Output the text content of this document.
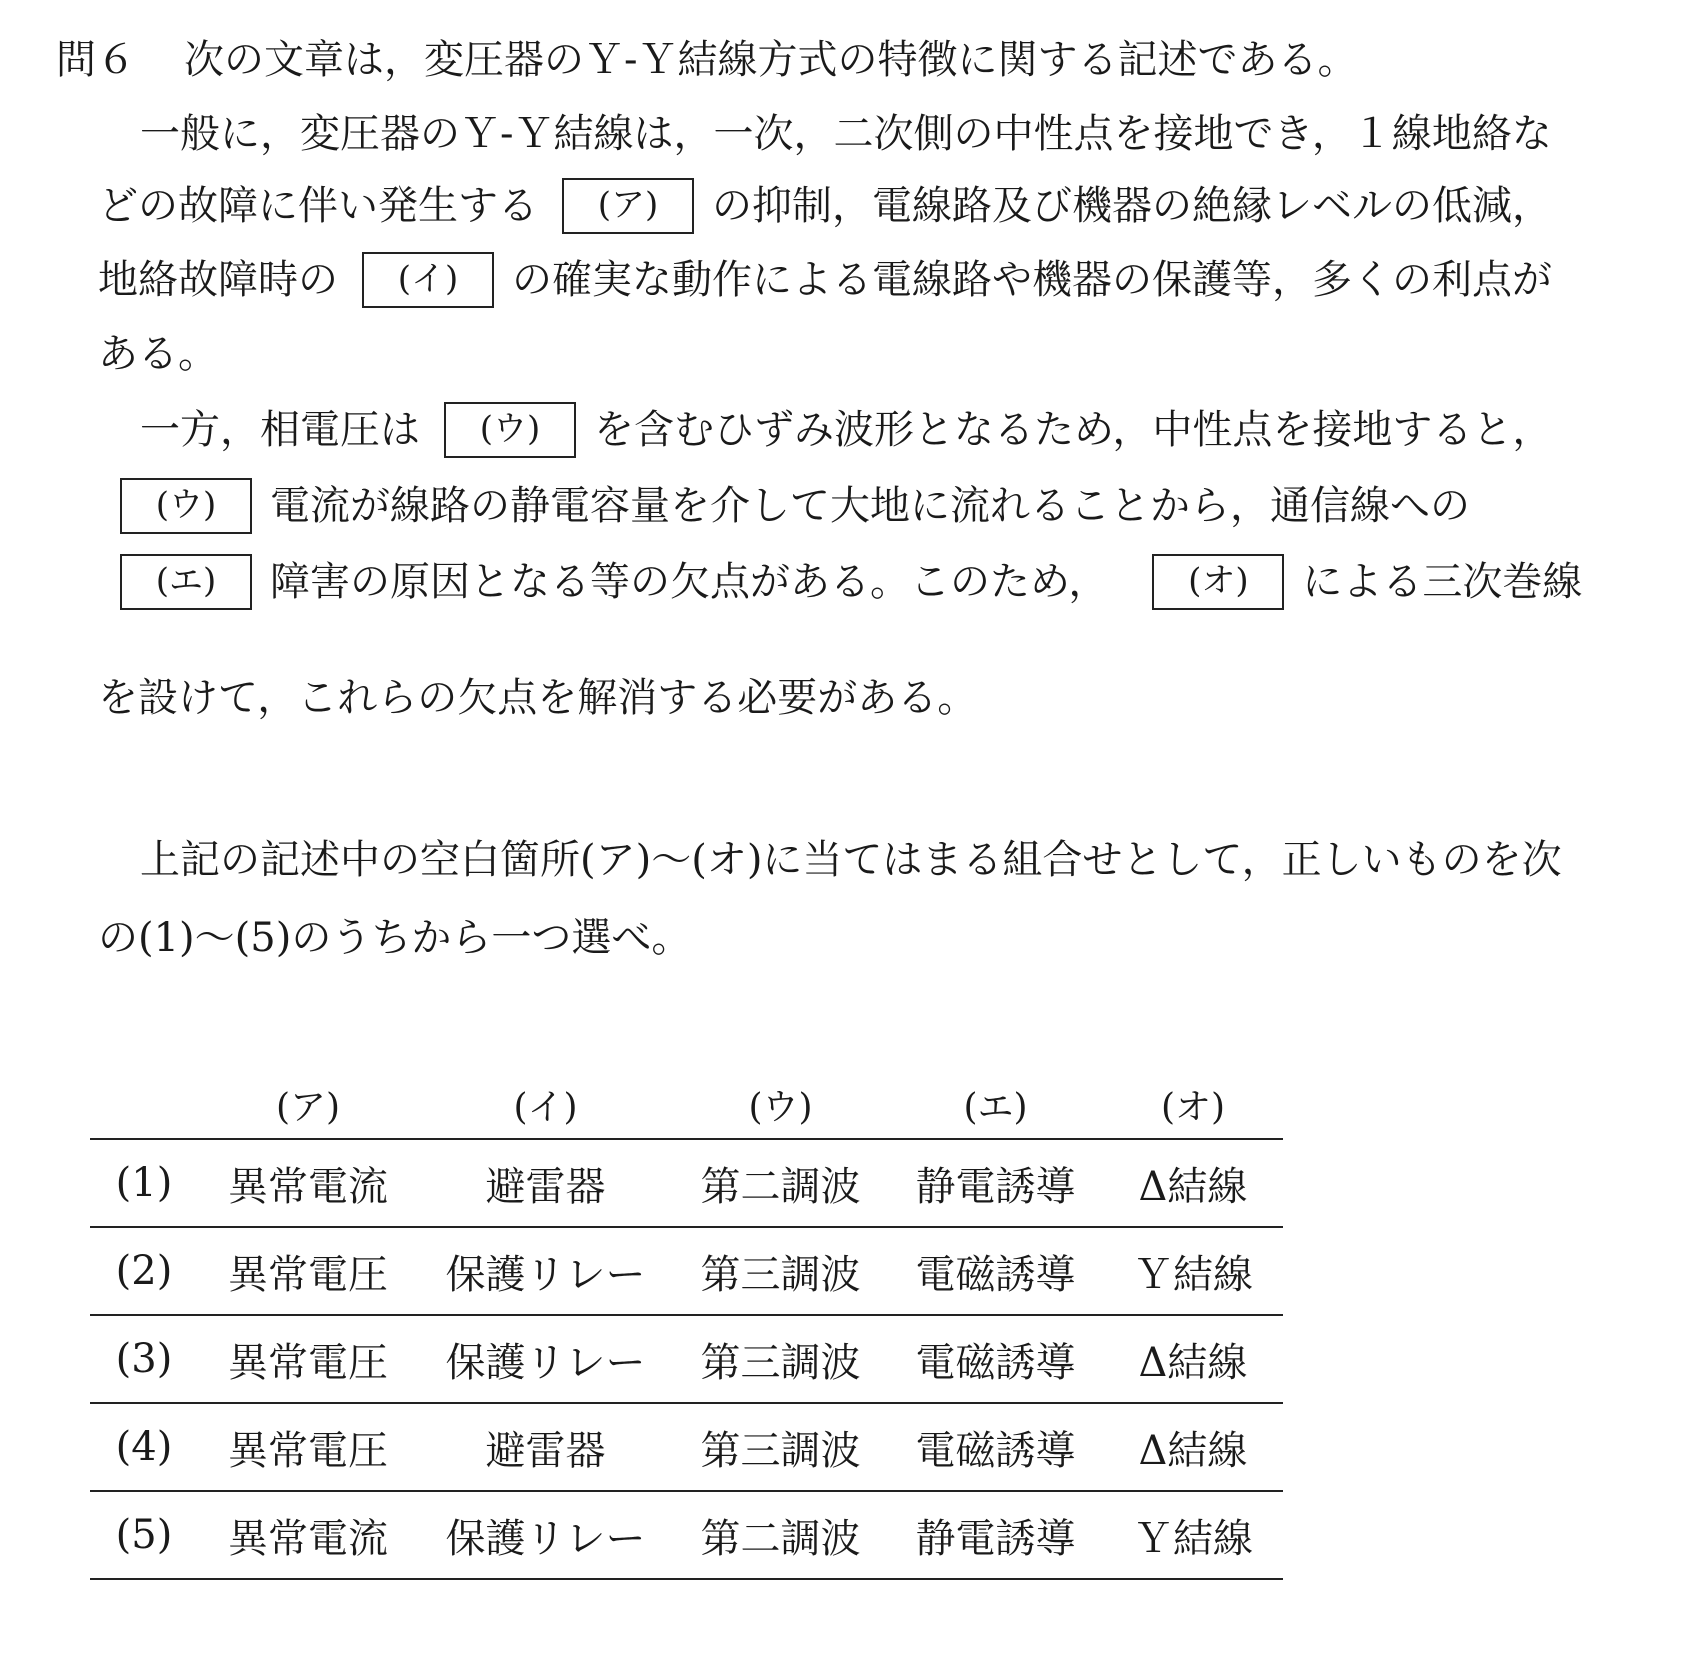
問６ 次の文章は，変圧器のＹ-Ｙ結線方式の特徴に関する記述である。
一般に，変圧器のＹ-Ｙ結線は，一次，二次側の中性点を接地でき，１線地絡な
どの故障に伴い発生する (ア) の抑制，電線路及び機器の絶縁レベルの低減，
地絡故障時の (イ) の確実な動作による電線路や機器の保護等，多くの利点が
ある。
一方，相電圧は (ウ) を含むひずみ波形となるため，中性点を接地すると，
(ウ) 電流が線路の静電容量を介して大地に流れることから，通信線への
(エ) 障害の原因となる等の欠点がある。このため， (オ) による三次巻線
を設けて，これらの欠点を解消する必要がある。
上記の記述中の空白箇所(ア)～(オ)に当てはまる組合せとして，正しいものを次
の(1)～(5)のうちから一つ選べ。
	(ア)	(イ)	(ウ)	(エ)	(オ)
(1)	異常電流	避雷器	第二調波	静電誘導	Δ結線
(2)	異常電圧	保護リレー	第三調波	電磁誘導	Ｙ結線
(3)	異常電圧	保護リレー	第三調波	電磁誘導	Δ結線
(4)	異常電圧	避雷器	第三調波	電磁誘導	Δ結線
(5)	異常電流	保護リレー	第二調波	静電誘導	Ｙ結線
